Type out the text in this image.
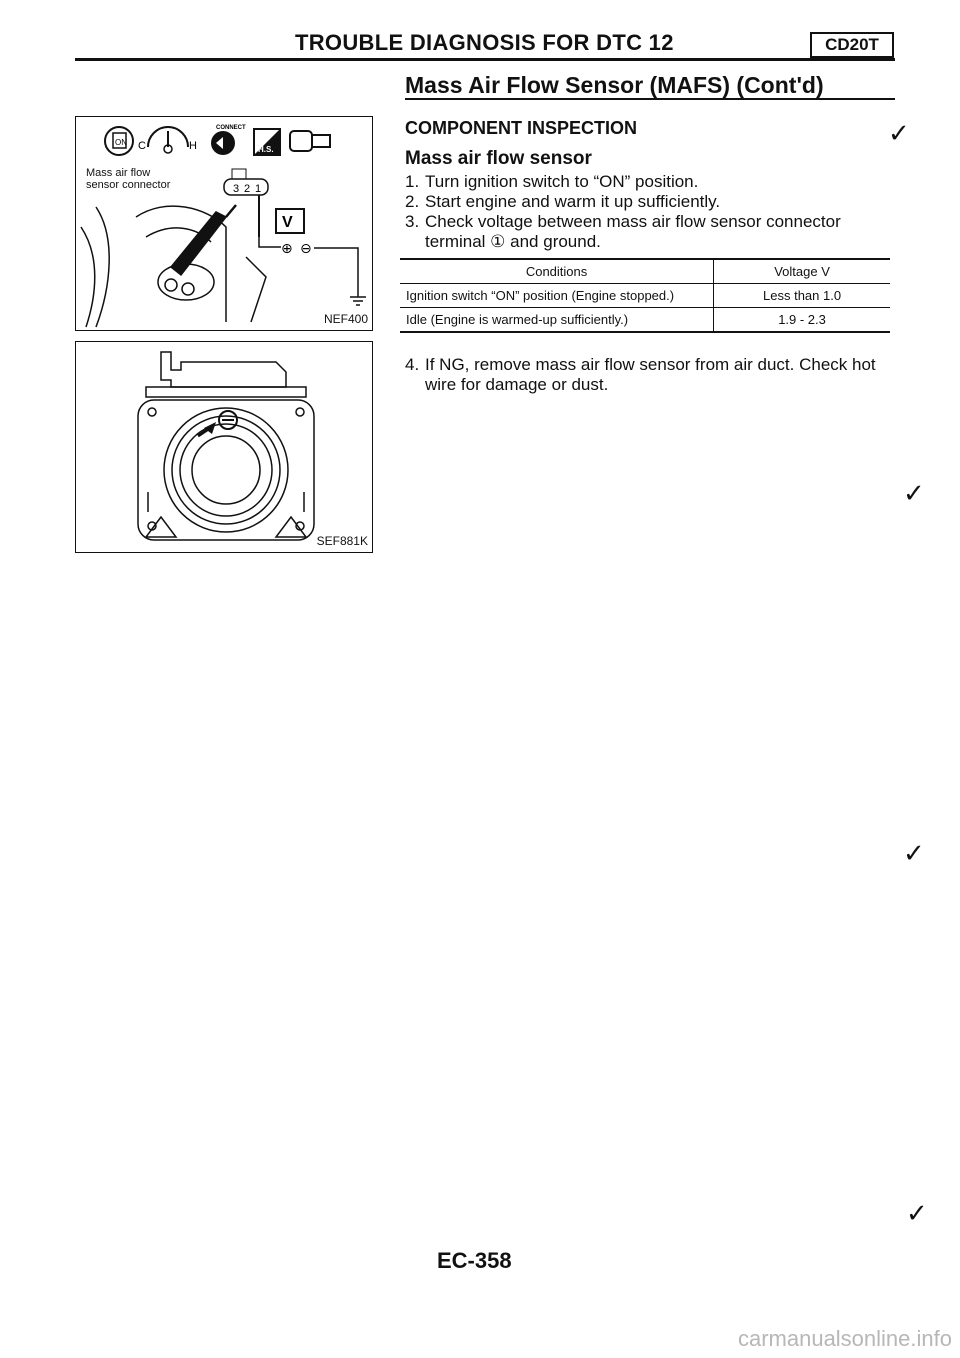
TROUBLE DIAGNOSIS FOR DTC 12	CD20T
Mass Air Flow Sensor (MAFS) (Cont'd)
COMPONENT INSPECTION
Mass air flow sensor
1. Turn ignition switch to “ON” position.
2. Start engine and warm it up sufficiently.
3. Check voltage between mass air flow sensor connector terminal ① and ground.
Conditions	Voltage V
Ignition switch “ON” position (Engine stopped.)	Less than 1.0
Idle (Engine is warmed-up sufficiently.)	1.9 - 2.3
4. If NG, remove mass air flow sensor from air duct. Check hot wire for damage or dust.
ON C	H
CONNECT
H.S.
3 2 1
V
⊕ ⊖
Mass air flow
sensor connector
NEF400
SEF881K
✓
✓
✓
✓
EC-358
carmanualsonline.info
